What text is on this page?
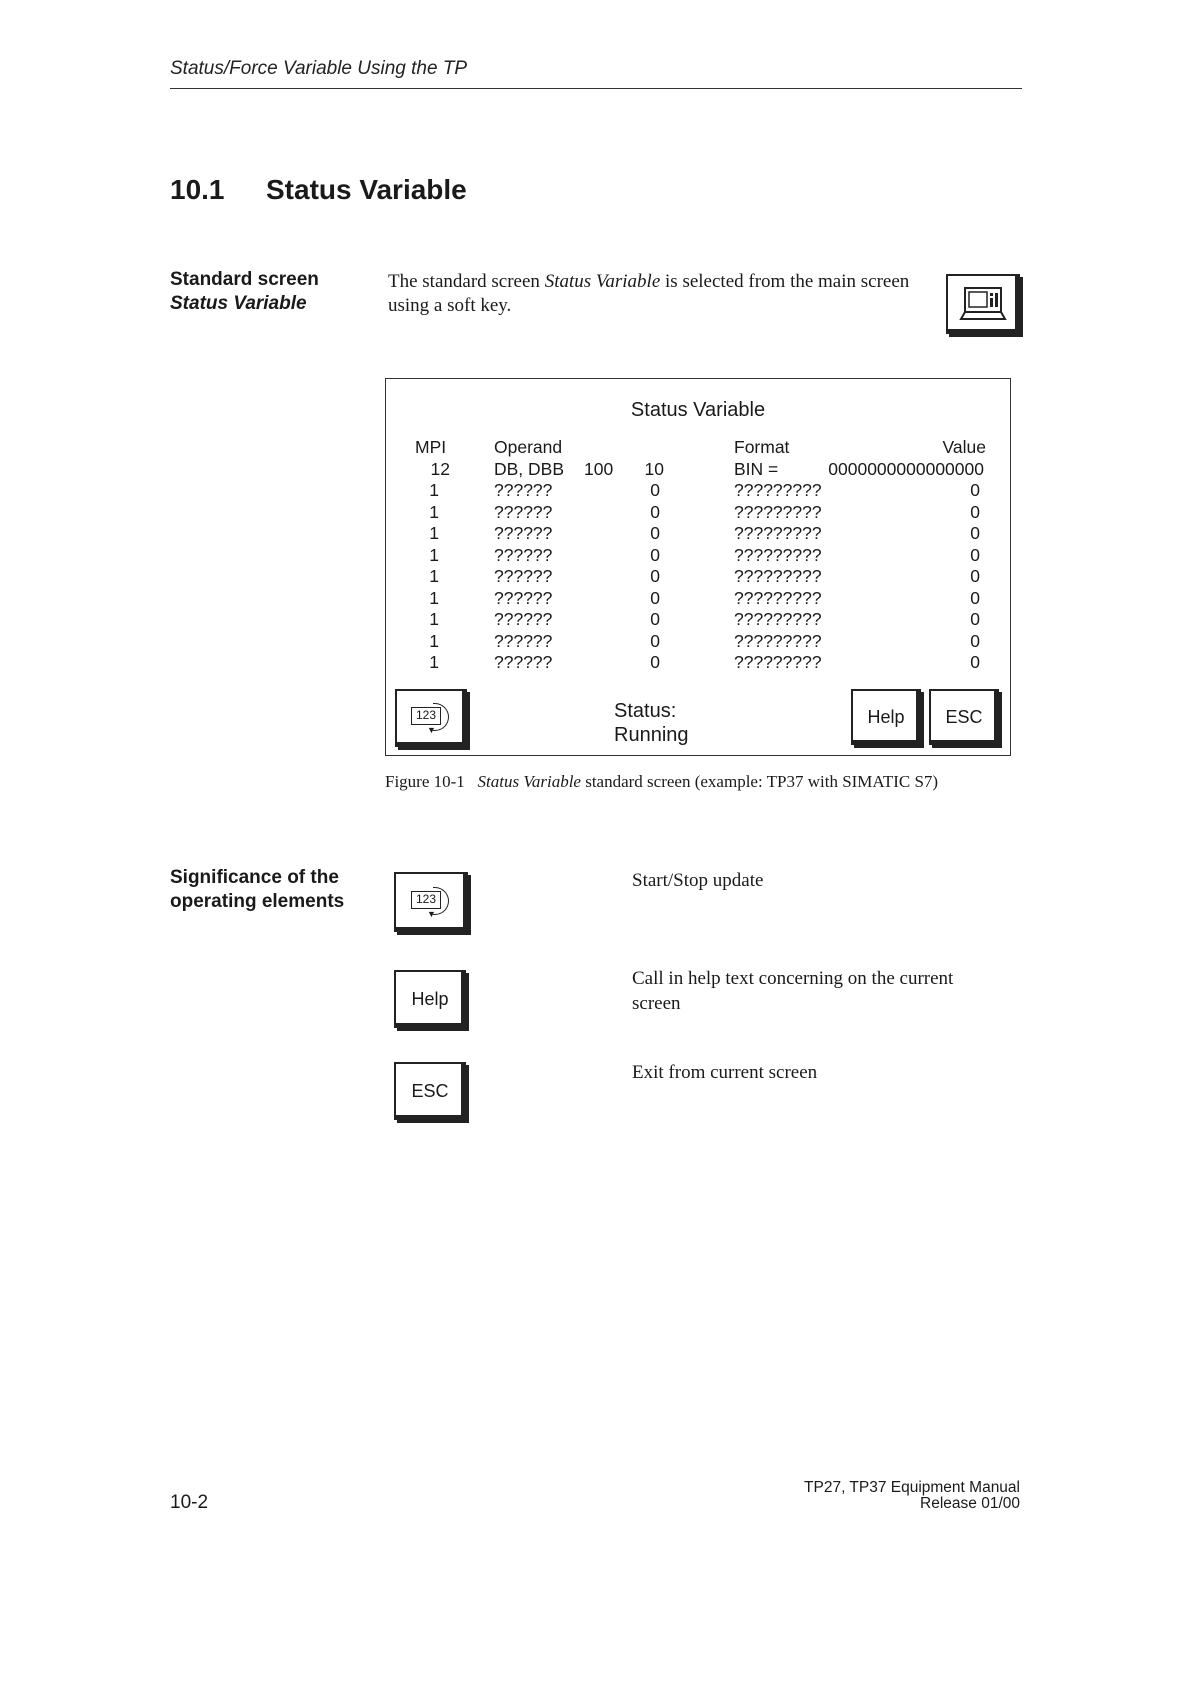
Status/Force Variable Using the TP
10.1 Status Variable
Standard screen
Status Variable
The standard screen Status Variable is selected from the main screen using a soft key.
Status Variable
MPI
12
1
1
1
1
1
1
1
1
1
Operand
DB, DBB
??????
??????
??????
??????
??????
??????
??????
??????
??????
100	10
0
0
0
0
0
0
0
0
0
Format
BIN =
?????????
?????????
?????????
?????????
?????????
?????????
?????????
?????????
?????????
Value
0000000000000000
0
0
0
0
0
0
0
0
0
123
▼
Status:
Running
Help ESC
Figure 10-1 Status Variable standard screen (example: TP37 with SIMATIC S7)
Significance of the
operating elements	123
▼
Start/Stop update
Help
Call in help text concerning on the current screen
ESC
Exit from current screen
10-2
TP27, TP37 Equipment Manual
Release 01/00
